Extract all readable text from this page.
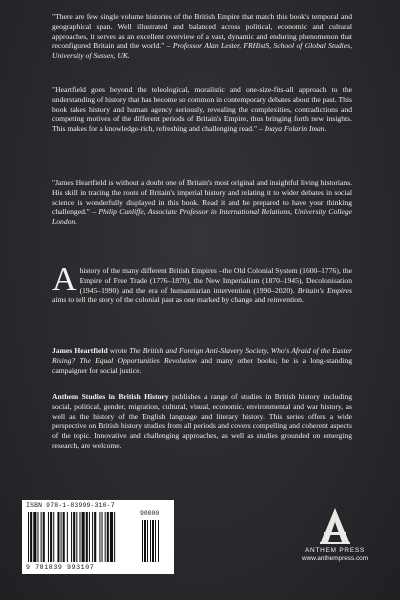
"There are few single volume histories of the British Empire that match this book's temporal and geographical span. Well illustrated and balanced across political, economic and cultural approaches, it serves as an excellent overview of a vast, dynamic and enduring phenomenon that reconfigured Britain and the world." – Professor Alan Lester, FRHistS, School of Global Studies, University of Sussex, UK.

"Heartfield goes beyond the teleological, moralistic and one-size-fits-all approach to the understanding of history that has become so common in contemporary debates about the past. This book takes history and human agency seriously, revealing the complexities, contradictions and competing motives of the different periods of Britain's Empire, thus bringing forth new insights. This makes for a knowledge-rich, refreshing and challenging read." – Inaya Folarin Iman.

"James Heartfield is without a doubt one of Britain's most original and insightful living historians. His skill in tracing the roots of Britain's imperial history and relating it to wider debates in social science is wonderfully displayed in this book. Read it and be prepared to have your thinking challenged." – Philip Cunliffe, Associate Professor in International Relations, University College London.

A history of the many different British Empires –the Old Colonial System (1600–1776), the Empire of Free Trade (1776–1870), the New Imperialism (1870–1945), Decolonisation (1945–1990) and the era of humanitarian intervention (1990–2020). Britain's Empires aims to tell the story of the colonial past as one marked by change and reinvention.

James Heartfield wrote The British and Foreign Anti-Slavery Society, Who's Afraid of the Easter Rising? The Equal Opportunities Revolution and many other books; he is a long-standing campaigner for social justice.

Anthem Studies in British History publishes a range of studies in British history including social, political, gender, migration, cultural, visual, economic, environmental and war history, as well as the history of the English language and literary history. This series offers a wide perspective on British history studies from all periods and covers compelling and coherent aspects of the topic. Innovative and challenging approaches, as well as studies grounded on emerging research, are welcome.

ISBN 978-1-83999-310-7
90000
9 781839 993107
ANTHEM PRESS
www.anthempress.com
